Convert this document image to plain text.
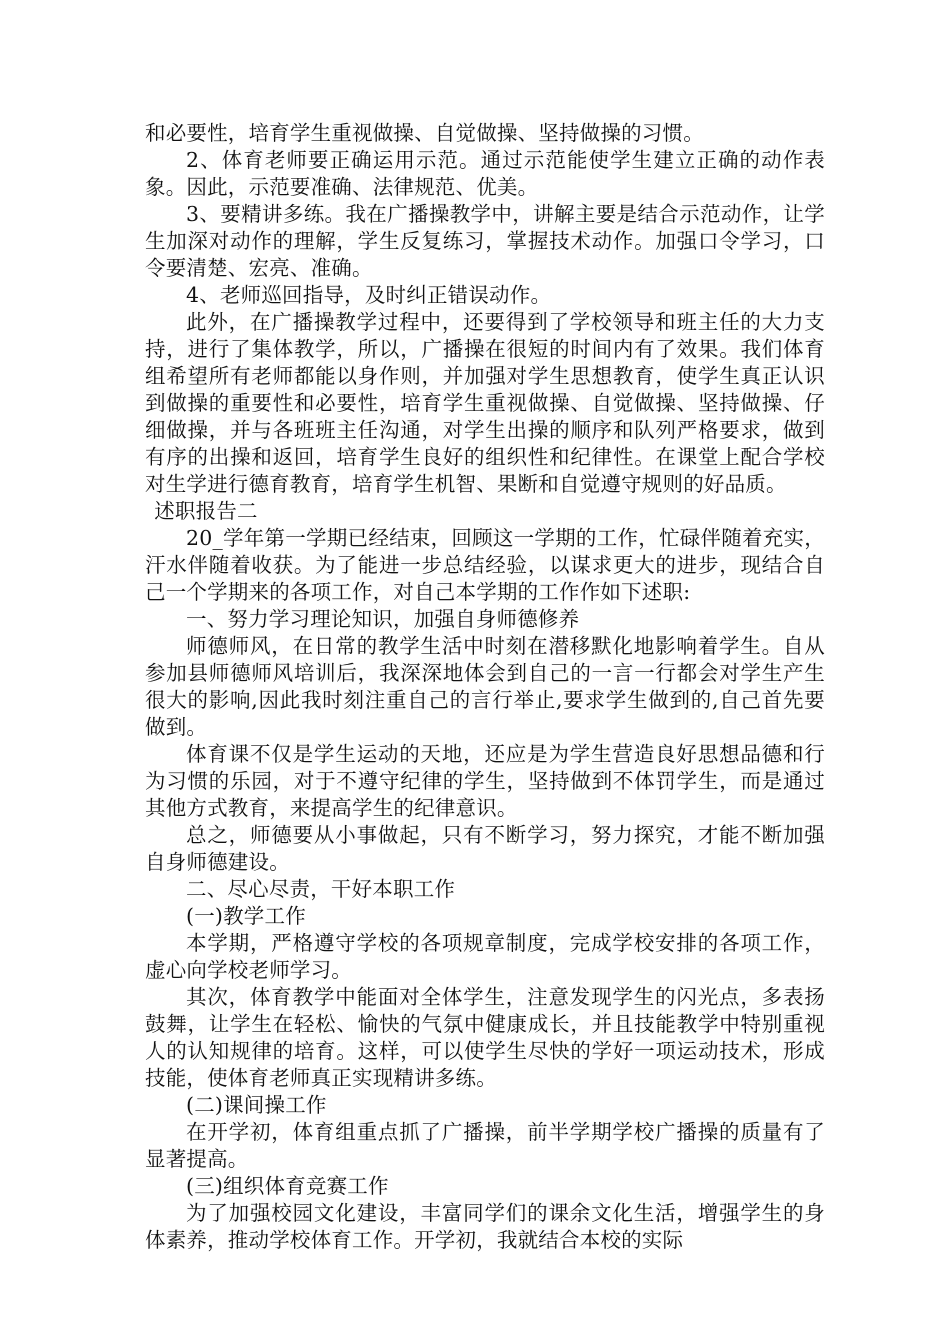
和必要性，培育学生重视做操、自觉做操、坚持做操的习惯。

2、体育老师要正确运用示范。通过示范能使学生建立正确的动作表象。因此，示范要准确、法律规范、优美。

3、要精讲多练。我在广播操教学中，讲解主要是结合示范动作，让学生加深对动作的理解，学生反复练习，掌握技术动作。加强口令学习，口令要清楚、宏亮、准确。

4、老师巡回指导，及时纠正错误动作。

此外，在广播操教学过程中，还要得到了学校领导和班主任的大力支持，进行了集体教学，所以，广播操在很短的时间内有了效果。我们体育组希望所有老师都能以身作则，并加强对学生思想教育，使学生真正认识到做操的重要性和必要性，培育学生重视做操、自觉做操、坚持做操、仔细做操，并与各班班主任沟通，对学生出操的顺序和队列严格要求，做到有序的出操和返回，培育学生良好的组织性和纪律性。在课堂上配合学校对生学进行德育教育，培育学生机智、果断和自觉遵守规则的好品质。

述职报告二

20_学年第一学期已经结束，回顾这一学期的工作，忙碌伴随着充实，汗水伴随着收获。为了能进一步总结经验，以谋求更大的进步，现结合自己一个学期来的各项工作，对自己本学期的工作作如下述职:

一、努力学习理论知识，加强自身师德修养

师德师风，在日常的教学生活中时刻在潜移默化地影响着学生。自从参加县师德师风培训后，我深深地体会到自己的一言一行都会对学生产生很大的影响,因此我时刻注重自己的言行举止,要求学生做到的,自己首先要做到。

体育课不仅是学生运动的天地，还应是为学生营造良好思想品德和行为习惯的乐园，对于不遵守纪律的学生，坚持做到不体罚学生，而是通过其他方式教育，来提高学生的纪律意识。

总之，师德要从小事做起，只有不断学习，努力探究，才能不断加强自身师德建设。

二、尽心尽责，干好本职工作

(一)教学工作

本学期，严格遵守学校的各项规章制度，完成学校安排的各项工作，虚心向学校老师学习。

其次，体育教学中能面对全体学生，注意发现学生的闪光点，多表扬鼓舞，让学生在轻松、愉快的气氛中健康成长，并且技能教学中特别重视人的认知规律的培育。这样，可以使学生尽快的学好一项运动技术，形成技能，使体育老师真正实现精讲多练。

(二)课间操工作

在开学初，体育组重点抓了广播操，前半学期学校广播操的质量有了显著提高。

(三)组织体育竞赛工作

为了加强校园文化建设，丰富同学们的课余文化生活，增强学生的身体素养，推动学校体育工作。开学初，我就结合本校的实际
